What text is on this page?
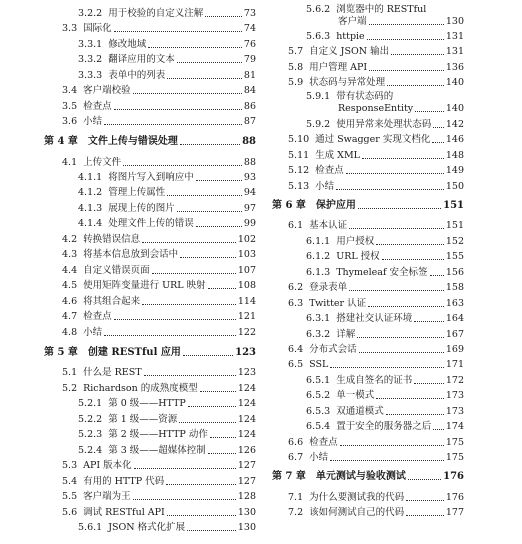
3.2.2 用于校验的自定义注解	73
3.3 国际化	74
3.3.1 修改地域	76
3.3.2 翻译应用的文本	79
3.3.3 表单中的列表	81
3.4 客户端校验	84
3.5 检查点	86
3.6 小结	87
第 4 章 文件上传与错误处理	88
4.1 上传文件	88
4.1.1 将图片写入到响应中	93
4.1.2 管理上传属性	94
4.1.3 展现上传的图片	97
4.1.4 处理文件上传的错误	99
4.2 转换错误信息	102
4.3 将基本信息放到会话中	103
4.4 自定义错误页面	107
4.5 使用矩阵变量进行 URL 映射	108
4.6 将其组合起来	114
4.7 检查点	121
4.8 小结	122
第 5 章 创建 RESTful 应用	123
5.1 什么是 REST	123
5.2 Richardson 的成熟度模型	124
5.2.1 第 0 级——HTTP	124
5.2.2 第 1 级——资源	124
5.2.3 第 2 级——HTTP 动作	124
5.2.4 第 3 级——超媒体控制	126
5.3 API 版本化	127
5.4 有用的 HTTP 代码	127
5.5 客户端为王	128
5.6 调试 RESTful API	130
5.6.1 JSON 格式化扩展	130
5.6.2 浏览器中的 RESTful
客户端	130
5.6.3 httpie	131
5.7 自定义 JSON 输出	131
5.8 用户管理 API	136
5.9 状态码与异常处理	140
5.9.1 带有状态码的
ResponseEntity	140
5.9.2 使用异常来处理状态码 142
5.10 通过 Swagger 实现文档化 146
5.11 生成 XML	148
5.12 检查点	149
5.13 小结	150
第 6 章 保护应用	151
6.1 基本认证	151
6.1.1 用户授权	152
6.1.2 URL 授权	155
6.1.3 Thymeleaf 安全标签 156
6.2 登录表单	158
6.3 Twitter 认证	163
6.3.1 搭建社交认证环境	164
6.3.2 详解	167
6.4 分布式会话	169
6.5 SSL	171
6.5.1 生成自签名的证书	172
6.5.2 单一模式	173
6.5.3 双通道模式	173
6.5.4 置于安全的服务器之后 174
6.6 检查点	175
6.7 小结	175
第 7 章 单元测试与验收测试	176
7.1 为什么要测试我的代码	176
7.2 该如何测试自己的代码	177
